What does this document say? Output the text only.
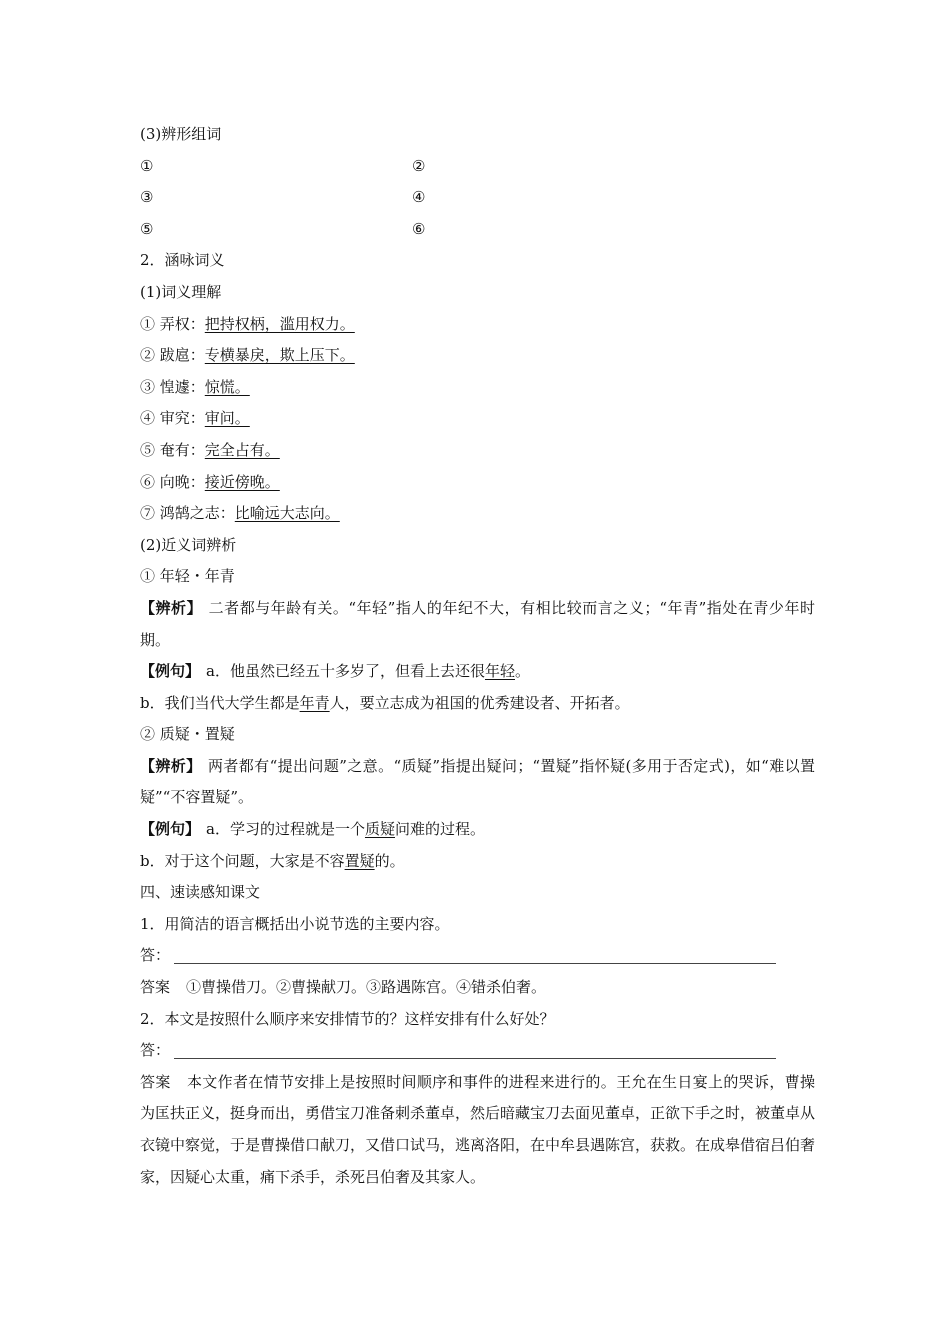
(3)辨形组词
①	②
③	④
⑤	⑥
2．涵咏词义
(1)词义理解
① 弄权：把持权柄，滥用权力。
② 跋扈：专横暴戾，欺上压下。
③ 惶遽：惊慌。
④ 审究：审问。
⑤ 奄有：完全占有。
⑥ 向晚：接近傍晚。
⑦ 鸿鹄之志：比喻远大志向。
(2)近义词辨析
① 年轻・年青
【辨析】 二者都与年龄有关。“年轻”指人的年纪不大，有相比较而言之义；“年青”指处在青少年时期。
【例句】 a．他虽然已经五十多岁了，但看上去还很年轻。
b．我们当代大学生都是年青人，要立志成为祖国的优秀建设者、开拓者。
② 质疑・置疑
【辨析】 两者都有“提出问题”之意。“质疑”指提出疑问；“置疑”指怀疑(多用于否定式)，如“难以置疑”“不容置疑”。
【例句】 a．学习的过程就是一个质疑问难的过程。
b．对于这个问题，大家是不容置疑的。
四、速读感知课文
1．用简洁的语言概括出小说节选的主要内容。
答：
答案 ①曹操借刀。②曹操献刀。③路遇陈宫。④错杀伯奢。
2．本文是按照什么顺序来安排情节的？这样安排有什么好处？
答：
答案 本文作者在情节安排上是按照时间顺序和事件的进程来进行的。王允在生日宴上的哭诉，曹操为匡扶正义，挺身而出，勇借宝刀准备刺杀董卓，然后暗藏宝刀去面见董卓，正欲下手之时，被董卓从衣镜中察觉，于是曹操借口献刀，又借口试马，逃离洛阳，在中牟县遇陈宫，获救。在成皋借宿吕伯奢家，因疑心太重，痛下杀手，杀死吕伯奢及其家人。
